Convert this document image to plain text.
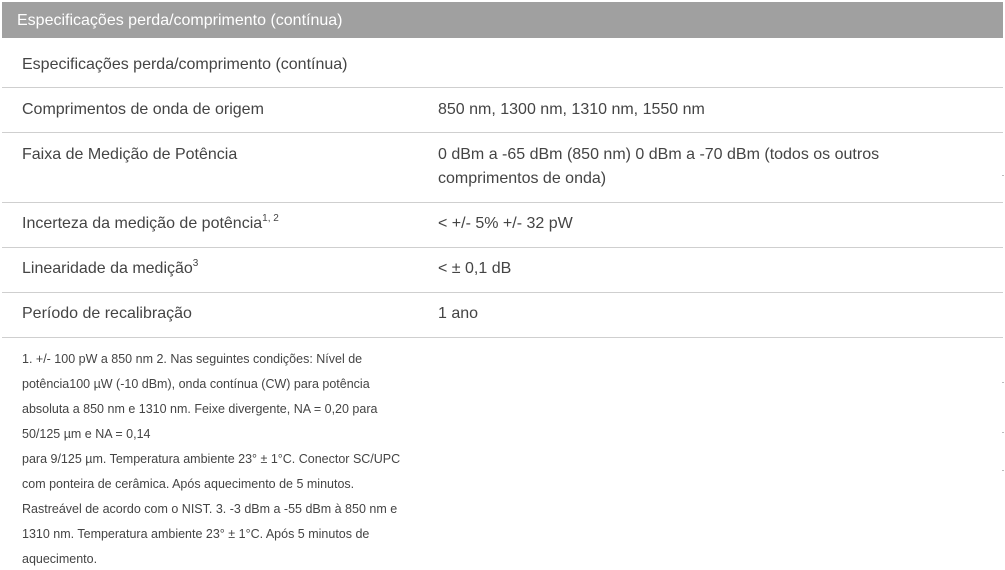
Especificações perda/comprimento (contínua)
Especificações perda/comprimento (contínua)
Comprimentos de onda de origem	850 nm, 1300 nm, 1310 nm, 1550 nm
Faixa de Medição de Potência	0 dBm a -65 dBm (850 nm) 0 dBm a -70 dBm (todos os outros comprimentos de onda)
Incerteza da medição de potência$^{1, 2}$	< +/- 5% +/- 32 pW
Linearidade da medição$^3$	< ± 0,1 dB
Período de recalibração	1 ano

1. +/- 100 pW a 850 nm 2. Nas seguintes condições: Nível de potência100 µW (-10 dBm), onda contínua (CW) para potência absoluta a 850 nm e 1310 nm. Feixe divergente, NA = 0,20 para 50/125 µm e NA = 0,14

para 9/125 µm. Temperatura ambiente 23° ± 1°C. Conector SC/UPC com ponteira de cerâmica. Após aquecimento de 5 minutos. Rastreável de acordo com o NIST. 3. -3 dBm a -55 dBm à 850 nm e 1310 nm. Temperatura ambiente 23° ± 1°C. Após 5 minutos de aquecimento.
